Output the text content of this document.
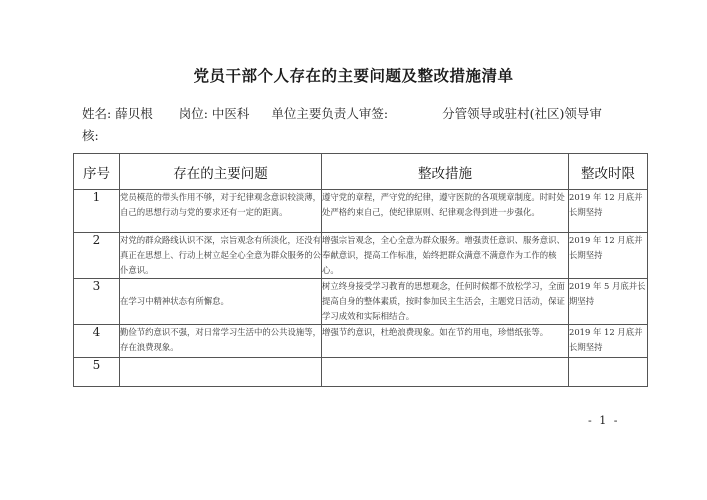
党员干部个人存在的主要问题及整改措施清单
姓名: 薛贝根 岗位: 中医科 单位主要负责人审签:	分管领导或驻村(社区)领导审
核:
序号	存在的主要问题	整改措施	整改时限
1	党员模范的带头作用不够，对于纪律观念意识较淡薄，自己的思想行动与党的要求还有一定的距离。	遵守党的章程，严守党的纪律，遵守医院的各项规章制度。时时处处严格约束自己，使纪律原则、纪律观念得到进一步强化。	2019 年 12 月底并长期坚持
2	对党的群众路线认识不深，宗旨观念有所淡化，还没有真正在思想上、行动上树立起全心全意为群众服务的公仆意识。	增强宗旨观念，全心全意为群众服务。增强责任意识、服务意识、奉献意识，提高工作标准，始终把群众满意不满意作为工作的核心。	2019 年 12 月底并长期坚持
3	在学习中精神状态有所懈怠。	树立终身接受学习教育的思想观念，任何时候都不放松学习，全面提高自身的整体素质，按时参加民主生活会，主题党日活动，保证学习成效和实际相结合。	2019 年 5 月底并长期坚持
4	勤俭节约意识不强，对日常学习生活中的公共设施等，存在浪费现象。	增强节约意识，杜绝浪费现象。如在节约用电，珍惜纸张等。	2019 年 12 月底并长期坚持
5			
- 1 -
